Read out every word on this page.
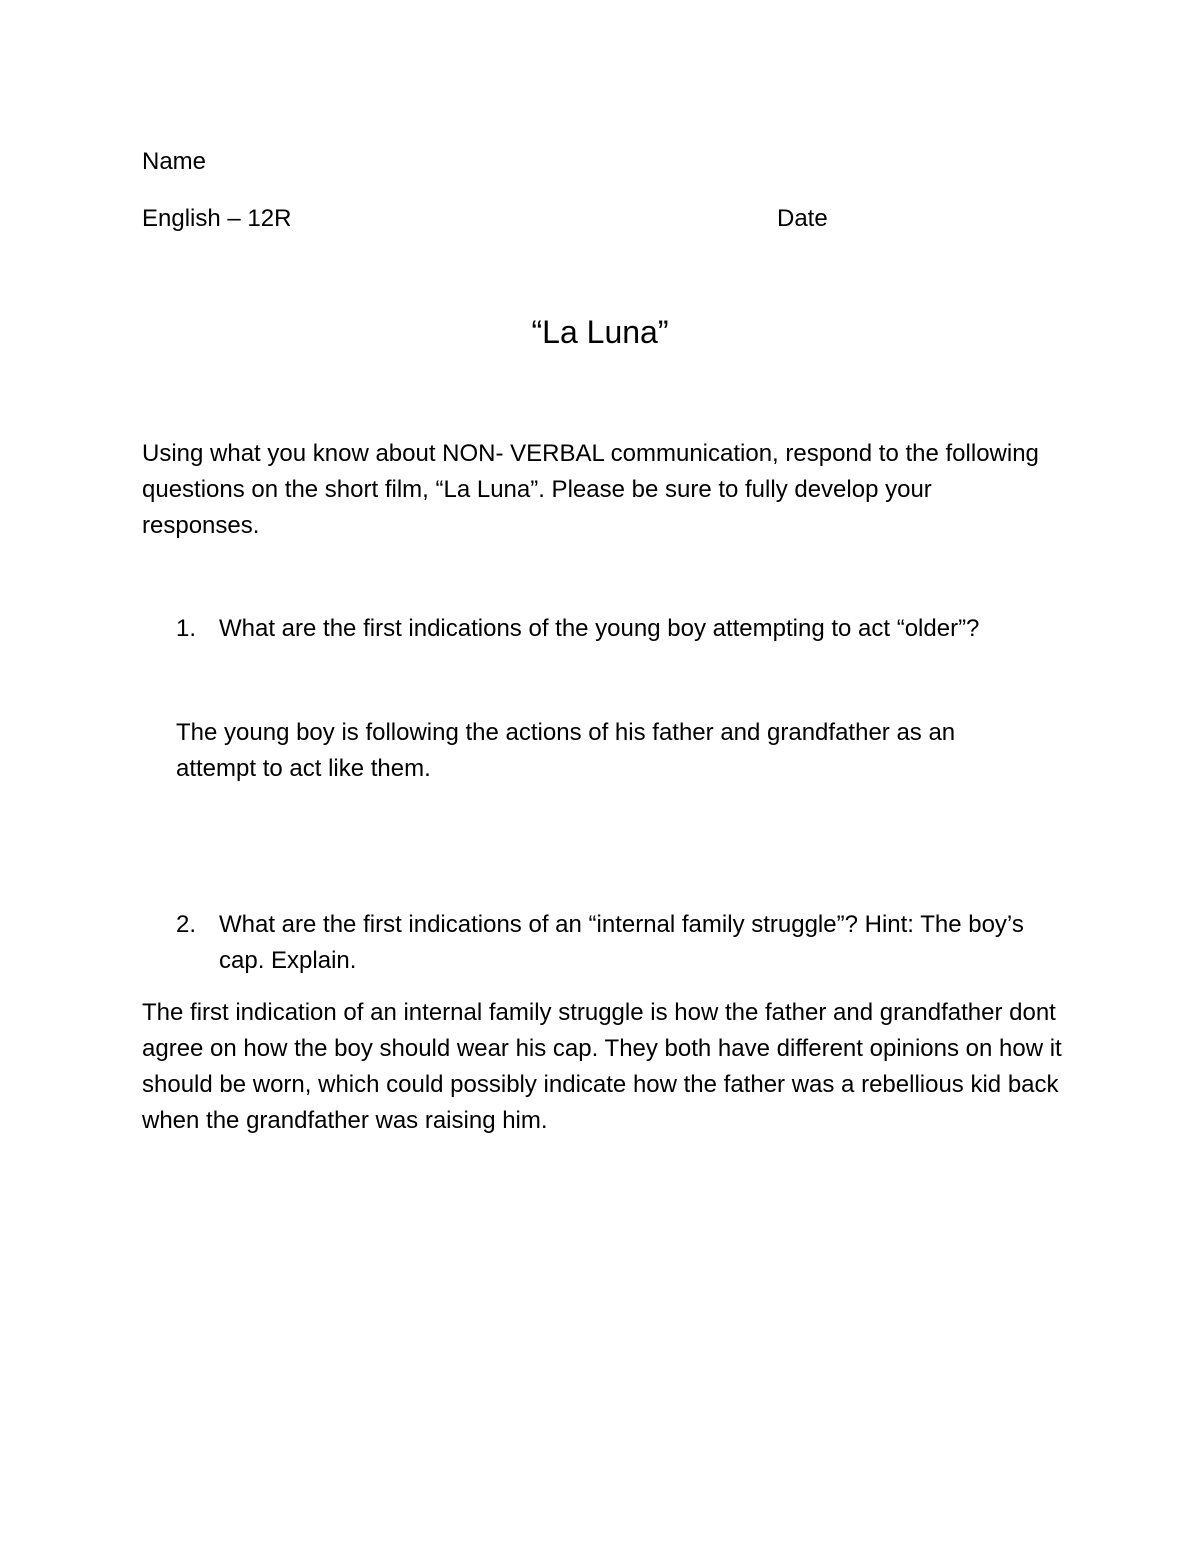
Name
English – 12R	Date
“La Luna”
Using what you know about NON- VERBAL communication, respond to the following questions on the short film, “La Luna”. Please be sure to fully develop your responses.
1. What are the first indications of the young boy attempting to act “older”?
The young boy is following the actions of his father and grandfather as an attempt to act like them.
2. What are the first indications of an “internal family struggle”? Hint: The boy’s cap. Explain.
The first indication of an internal family struggle is how the father and grandfather dont agree on how the boy should wear his cap. They both have different opinions on how it should be worn, which could possibly indicate how the father was a rebellious kid back when the grandfather was raising him.
